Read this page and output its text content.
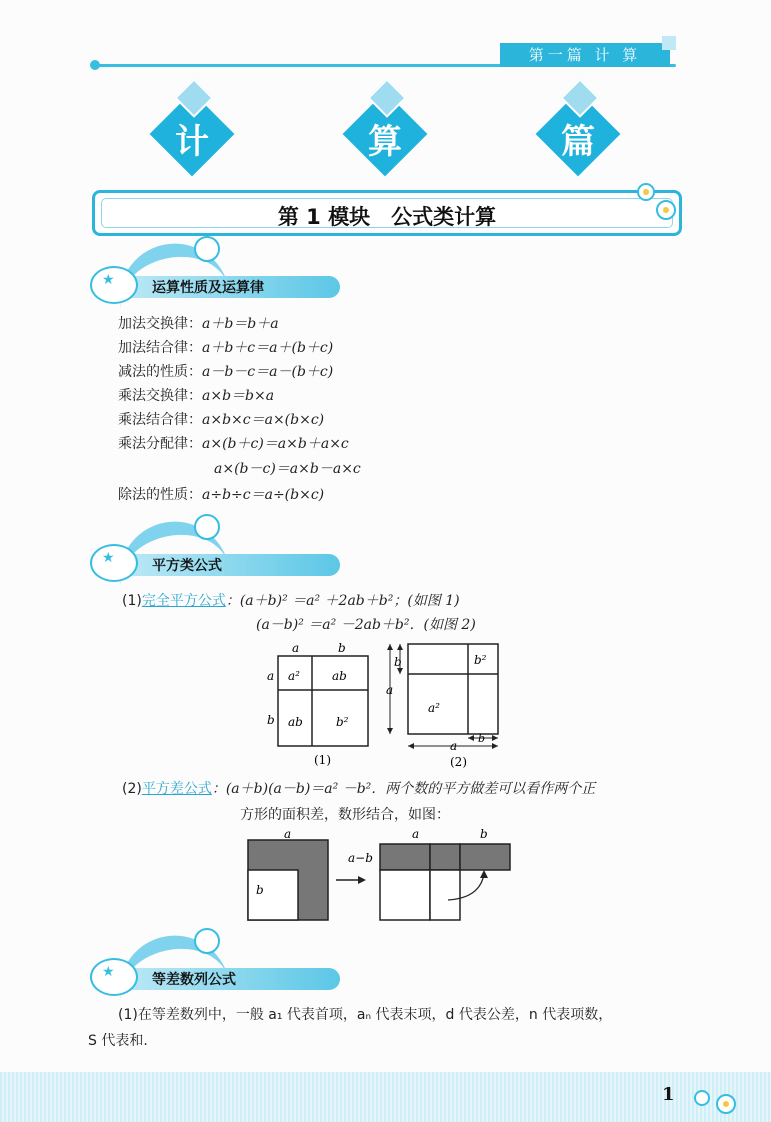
第一篇 计 算
计	算	篇
第 1 模块　公式类计算
★	运算性质及运算律
加法交换律：a＋b＝b＋a
加法结合律：a＋b＋c＝a＋(b＋c)
减法的性质：a－b－c＝a－(b＋c)
乘法交换律：a×b＝b×a
乘法结合律：a×b×c＝a×(b×c)
乘法分配律：a×(b＋c)＝a×b＋a×c
a×(b－c)＝a×b－a×c
除法的性质：a÷b÷c＝a÷(b×c)
★	平方类公式
(1)完全平方公式：(a＋b)² ＝a² ＋2ab＋b²；(如图 1)
(a－b)² ＝a² －2ab＋b²．(如图 2)
a	b
a
b
a²	ab
ab	b²
(1)
b
a
b²
a²
a
b
(2)
(2)平方差公式：(a＋b)(a－b)＝a² －b²．两个数的平方做差可以看作两个正
方形的面积差，数形结合，如图：
a
b
a−b
a	b
★	等差数列公式
(1)在等差数列中，一般 a₁ 代表首项，aₙ 代表末项，d 代表公差，n 代表项数，
S 代表和.
1
